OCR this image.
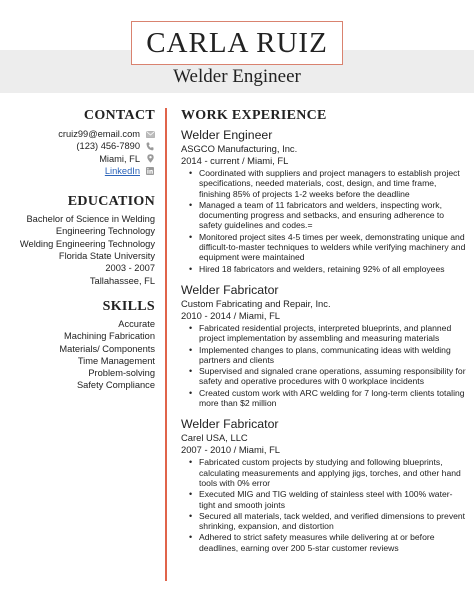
CARLA RUIZ
Welder Engineer
CONTACT
cruiz99@email.com
(123) 456-7890
Miami, FL
LinkedIn
EDUCATION
Bachelor of Science in Welding
Engineering Technology
Welding Engineering Technology
Florida State University
2003 - 2007
Tallahassee, FL
SKILLS
Accurate
Machining Fabrication
Materials/ Components
Time Management
Problem-solving
Safety Compliance
WORK EXPERIENCE
Welder Engineer
ASGCO Manufacturing, Inc.
2014 - current / Miami, FL
• Coordinated with suppliers and project managers to establish project specifications, needed materials, cost, design, and time frame, finishing 85% of projects 1-2 weeks before the deadline
• Managed a team of 11 fabricators and welders, inspecting work, documenting progress and setbacks, and ensuring adherence to safety guidelines and codes.=
• Monitored project sites 4-5 times per week, demonstrating unique and difficult-to-master techniques to welders while verifying machinery and equipment were maintained
• Hired 18 fabricators and welders, retaining 92% of all employees
Welder Fabricator
Custom Fabricating and Repair, Inc.
2010 - 2014 / Miami, FL
• Fabricated residential projects, interpreted blueprints, and planned project implementation by assembling and measuring materials
• Implemented changes to plans, communicating ideas with welding partners and clients
• Supervised and signaled crane operations, assuming responsibility for safety and operative procedures with 0 workplace incidents
• Created custom work with ARC welding for 7 long-term clients totaling more than $2 million
Welder Fabricator
Carel USA, LLC
2007 - 2010 / Miami, FL
• Fabricated custom projects by studying and following blueprints, calculating measurements and applying jigs, torches, and other hand tools with 0% error
• Executed MIG and TIG welding of stainless steel with 100% water-tight and smooth joints
• Secured all materials, tack welded, and verified dimensions to prevent shrinking, expansion, and distortion
• Adhered to strict safety measures while delivering at or before deadlines, earning over 200 5-star customer reviews
